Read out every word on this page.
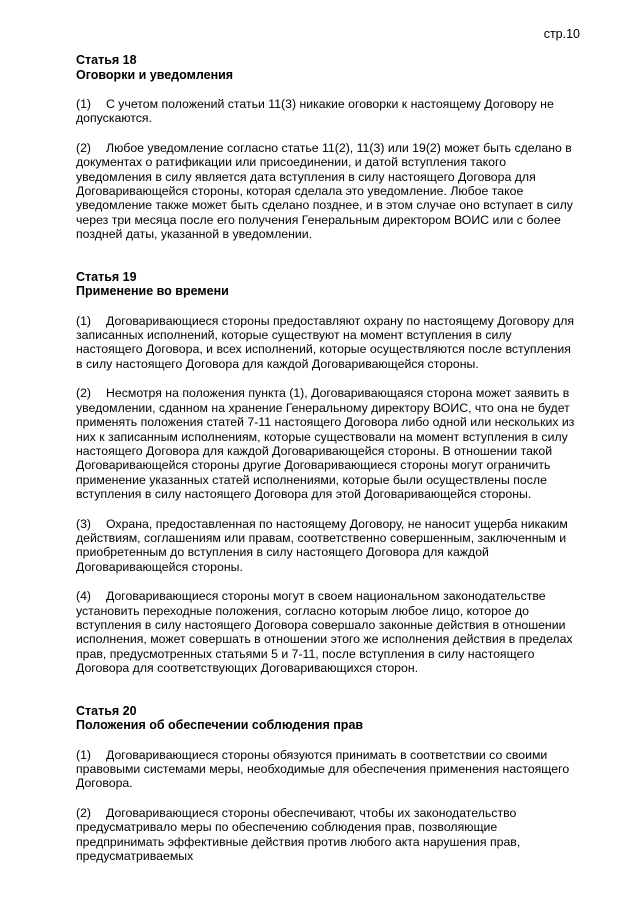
стр.10

Статья 18

Оговорки и уведомления

(1) С учетом положений статьи 11(3) никакие оговорки к настоящему Договору не допускаются.

(2) Любое уведомление согласно статье 11(2), 11(3) или 19(2) может быть сделано в документах о ратификации или присоединении, и датой вступления такого уведомления в силу является дата вступления в силу настоящего Договора для Договаривающейся стороны, которая сделала это уведомление. Любое такое уведомление также может быть сделано позднее, и в этом случае оно вступает в силу через три месяца после его получения Генеральным директором ВОИС или с более поздней даты, указанной в уведомлении.

Статья 19

Применение во времени

(1) Договаривающиеся стороны предоставляют охрану по настоящему Договору для записанных исполнений, которые существуют на момент вступления в силу настоящего Договора, и всех исполнений, которые осуществляются после вступления в силу настоящего Договора для каждой Договаривающейся стороны.

(2) Несмотря на положения пункта (1), Договаривающаяся сторона может заявить в уведомлении, сданном на хранение Генеральному директору ВОИС, что она не будет применять положения статей 7-11 настоящего Договора либо одной или нескольких из них к записанным исполнениям, которые существовали на момент вступления в силу настоящего Договора для каждой Договаривающейся стороны. В отношении такой Договаривающейся стороны другие Договаривающиеся стороны могут ограничить применение указанных статей исполнениями, которые были осуществлены после вступления в силу настоящего Договора для этой Договаривающейся стороны.

(3) Охрана, предоставленная по настоящему Договору, не наносит ущерба никаким действиям, соглашениям или правам, соответственно совершенным, заключенным и приобретенным до вступления в силу настоящего Договора для каждой Договаривающейся стороны.

(4) Договаривающиеся стороны могут в своем национальном законодательстве установить переходные положения, согласно которым любое лицо, которое до вступления в силу настоящего Договора совершало законные действия в отношении исполнения, может совершать в отношении этого же исполнения действия в пределах прав, предусмотренных статьями 5 и 7-11, после вступления в силу настоящего Договора для соответствующих Договаривающихся сторон.

Статья 20

Положения об обеспечении соблюдения прав

(1) Договаривающиеся стороны обязуются принимать в соответствии со своими правовыми системами меры, необходимые для обеспечения применения настоящего Договора.

(2) Договаривающиеся стороны обеспечивают, чтобы их законодательство предусматривало меры по обеспечению соблюдения прав, позволяющие предпринимать эффективные действия против любого акта нарушения прав, предусматриваемых
